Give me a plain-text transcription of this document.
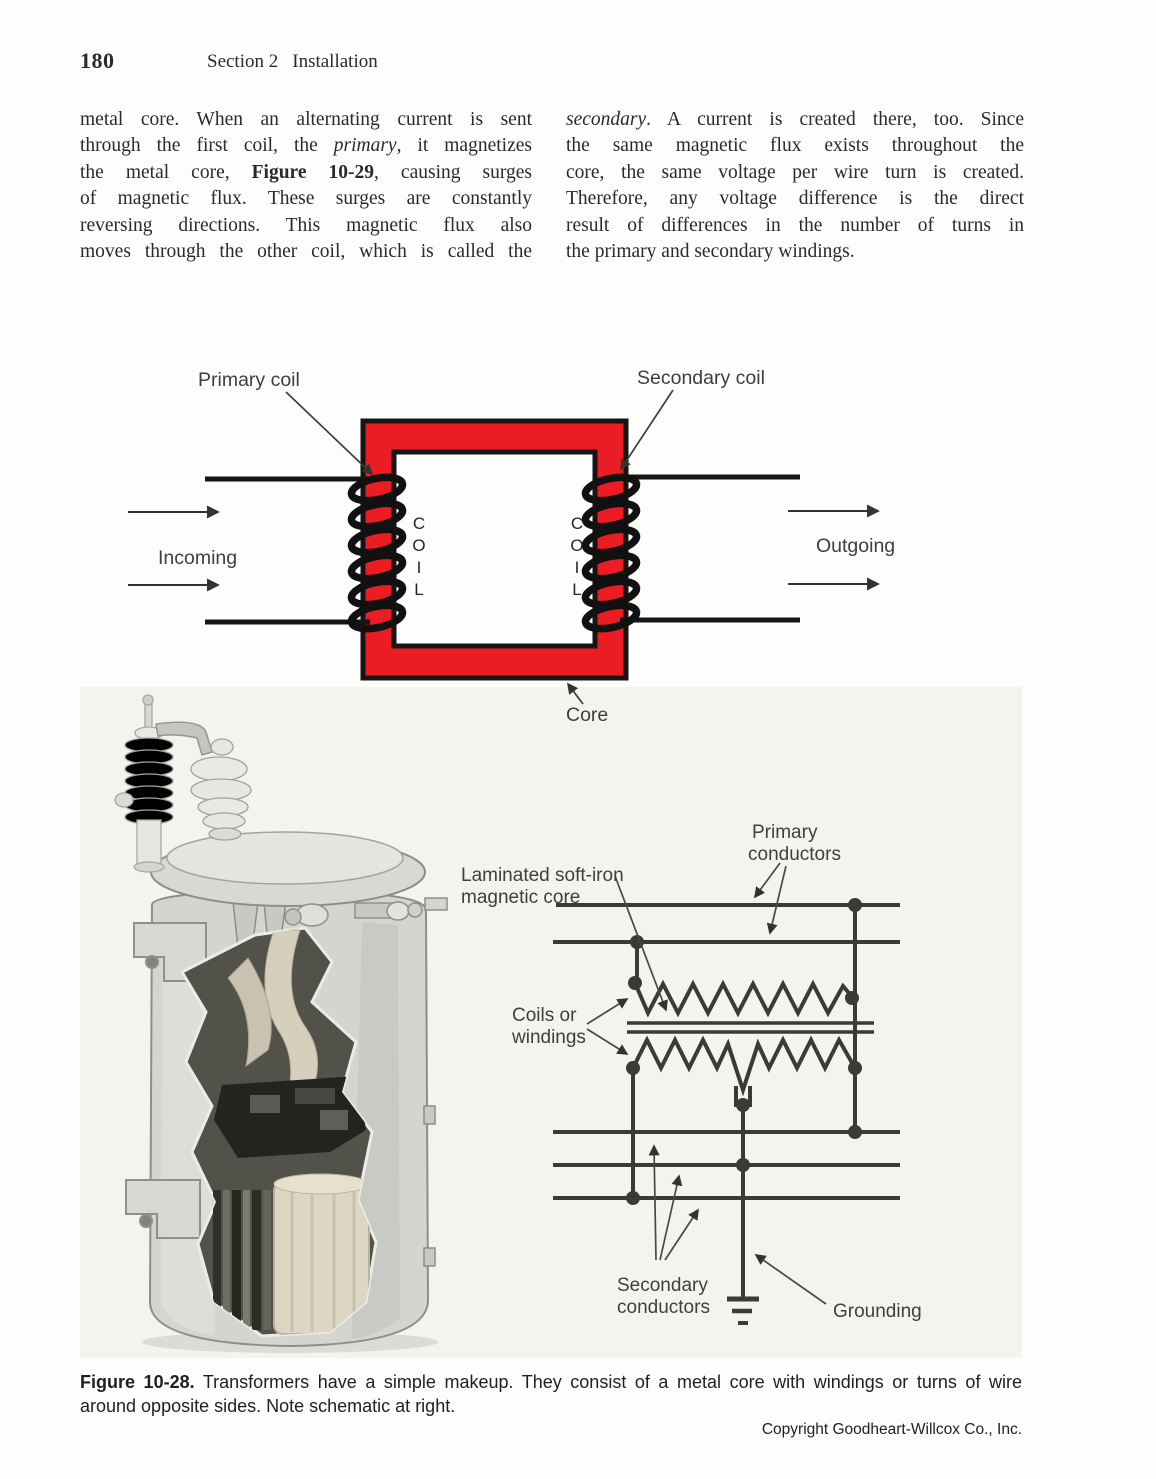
180	Section 2 Installation
metal core. When an alternating current is sent
through the first coil, the primary, it magnetizes
the metal core, Figure 10-29, causing surges
of magnetic flux. These surges are constantly
reversing directions. This magnetic flux also
moves through the other coil, which is called the
secondary. A current is created there, too. Since
the same magnetic flux exists throughout the
core, the same voltage per wire turn is created.
Therefore, any voltage difference is the direct
result of differences in the number of turns in
the primary and secondary windings.
C
O
I
L
C
O
I
L
Primary coil	Secondary coil
Incoming
Outgoing
Core
Primary
conductors
Laminated soft-iron
magnetic core
Coils or
windings
Secondary
conductors	Grounding
Figure 10-28. Transformers have a simple makeup. They consist of a metal core with windings or turns of wire
around opposite sides. Note schematic at right.
Copyright Goodheart-Willcox Co., Inc.
